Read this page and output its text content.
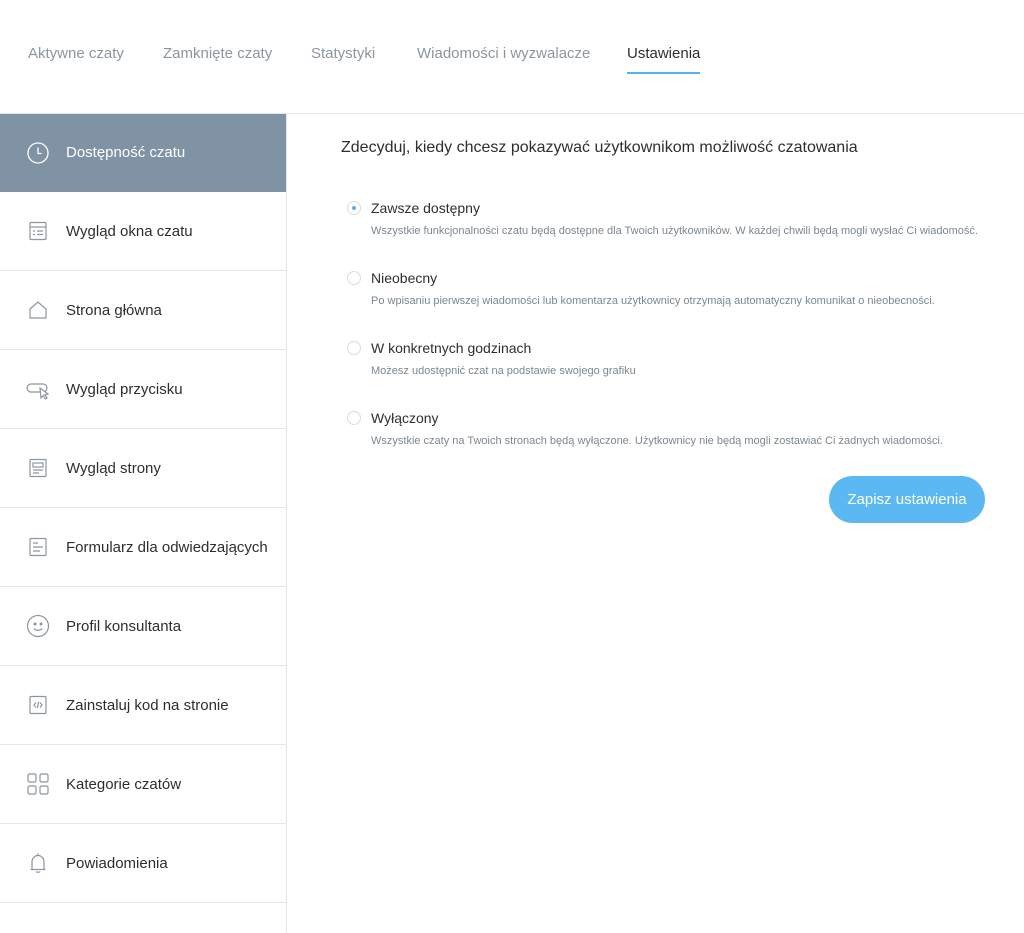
Aktywne czaty	Zamknięte czaty	Statystyki	Wiadomości i wyzwalacze Ustawienia
Dostępność czatu
Wygląd okna czatu
Strona główna
Wygląd przycisku
Wygląd strony
Formularz dla odwiedzających
Profil konsultanta
Zainstaluj kod na stronie
Kategorie czatów
Powiadomienia
Zdecyduj, kiedy chcesz pokazywać użytkownikom możliwość czatowania
Zawsze dostępny
Wszystkie funkcjonalności czatu będą dostępne dla Twoich użytkowników. W każdej chwili będą mogli wysłać Ci wiadomość.
Nieobecny
Po wpisaniu pierwszej wiadomości lub komentarza użytkownicy otrzymają automatyczny komunikat o nieobecności.
W konkretnych godzinach
Możesz udostępnić czat na podstawie swojego grafiku
Wyłączony
Wszystkie czaty na Twoich stronach będą wyłączone. Użytkownicy nie będą mogli zostawiać Ci żadnych wiadomości.
Zapisz ustawienia
